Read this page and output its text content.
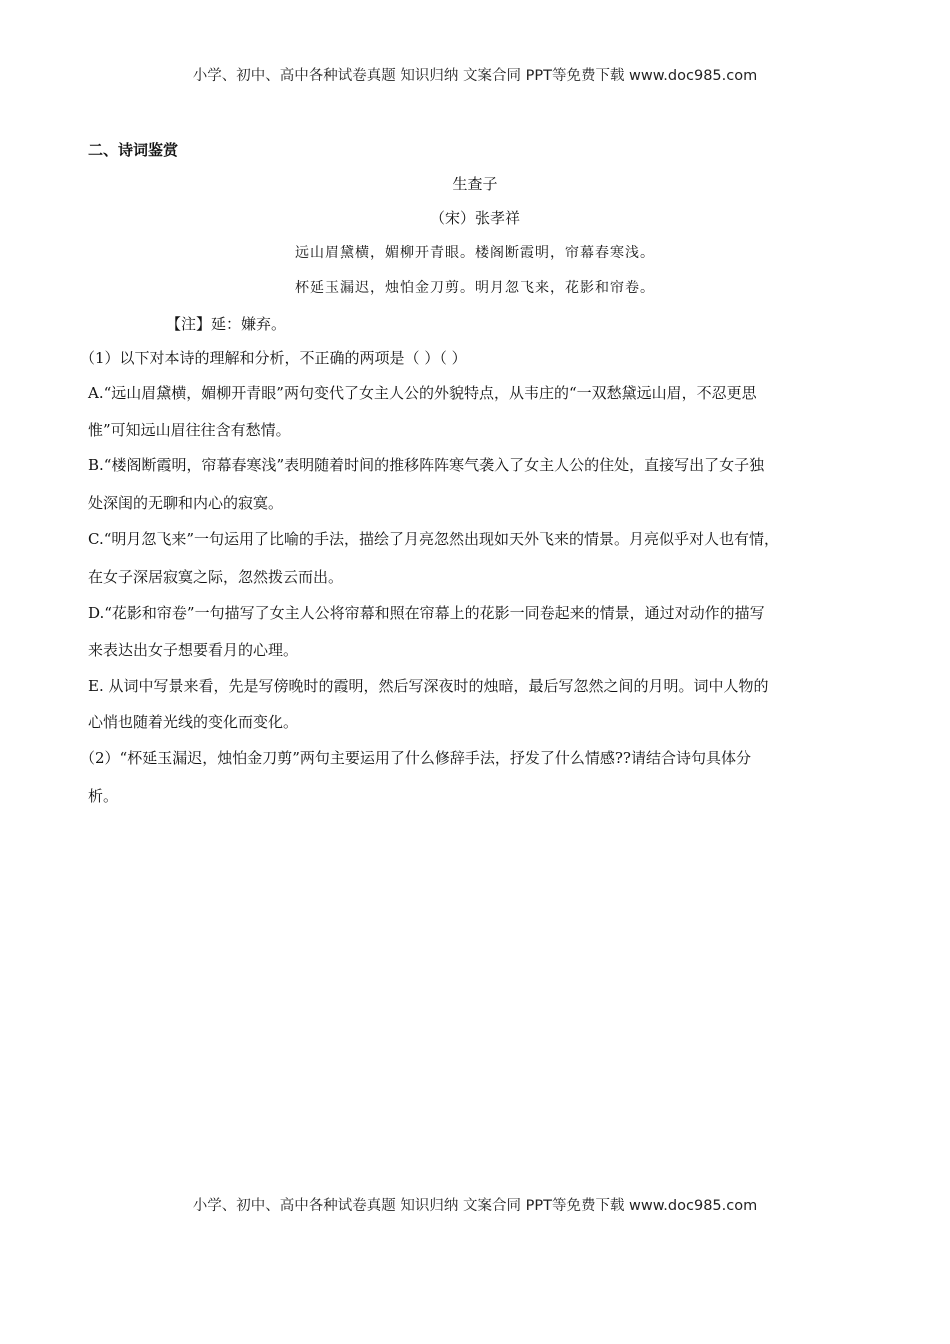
小学、初中、高中各种试卷真题 知识归纳 文案合同 PPT等免费下载 www.doc985.com
二、诗词鉴赏
生查子
（宋）张孝祥
远山眉黛横，媚柳开青眼。楼阁断霞明，帘幕春寒浅。
杯延玉漏迟，烛怕金刀剪。明月忽飞来，花影和帘卷。
【注】延：嫌弃。
（1）以下对本诗的理解和分析，不正确的两项是（ ）（ ）
A.“远山眉黛横，媚柳开青眼”两句变代了女主人公的外貌特点，从韦庄的“一双愁黛远山眉，不忍更思
惟”可知远山眉往往含有愁情。
B.“楼阁断霞明，帘幕春寒浅”表明随着时间的推移阵阵寒气袭入了女主人公的住处，直接写出了女子独
处深闺的无聊和内心的寂寞。
C.“明月忽飞来”一句运用了比喻的手法，描绘了月亮忽然出现如天外飞来的情景。月亮似乎对人也有情，
在女子深居寂寞之际，忽然拨云而出。
D.“花影和帘卷”一句描写了女主人公将帘幕和照在帘幕上的花影一同卷起来的情景，通过对动作的描写
来表达出女子想要看月的心理。
E. 从词中写景来看，先是写傍晚时的霞明，然后写深夜时的烛暗，最后写忽然之间的月明。词中人物的
心悄也随着光线的变化而变化。
（2）“杯延玉漏迟，烛怕金刀剪”两句主要运用了什么修辞手法，抒发了什么情感??请结合诗句具体分
析。
小学、初中、高中各种试卷真题 知识归纳 文案合同 PPT等免费下载 www.doc985.com
